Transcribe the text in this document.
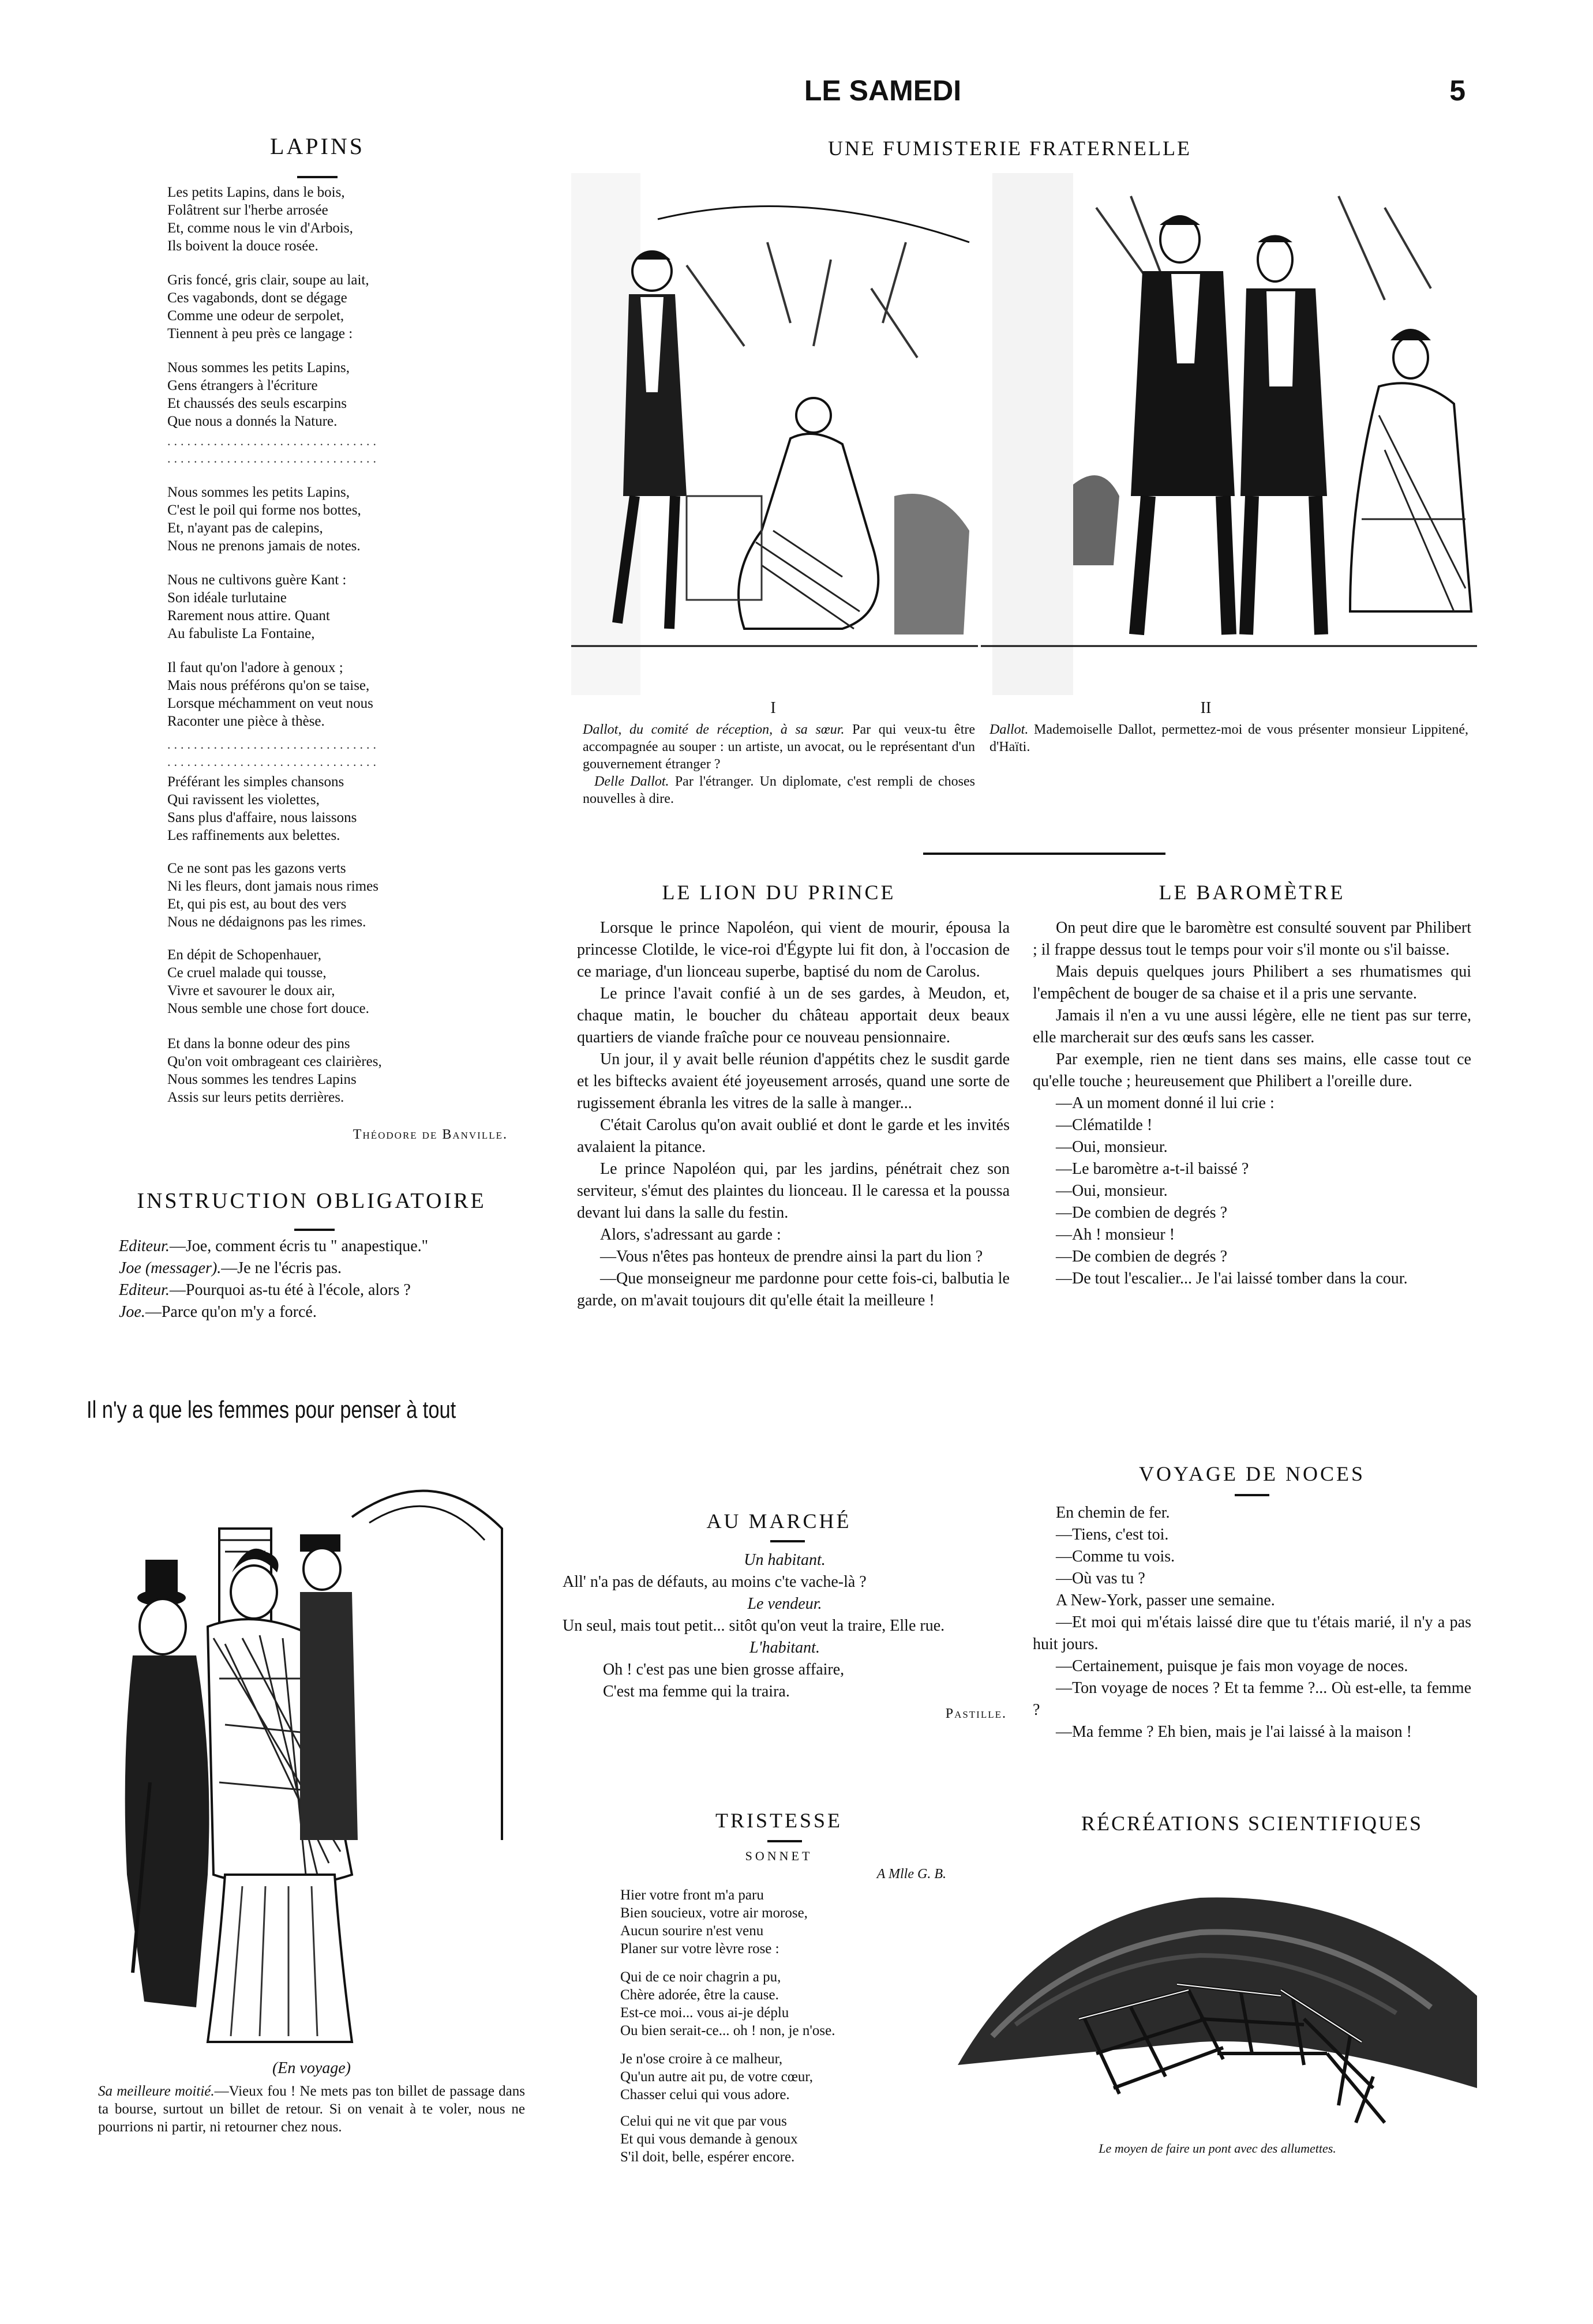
LE SAMEDI	5
LAPINS
Les petits Lapins, dans le bois,
Folâtrent sur l'herbe arrosée
Et, comme nous le vin d'Arbois,
Ils boivent la douce rosée.
Gris foncé, gris clair, soupe au lait,
Ces vagabonds, dont se dégage
Comme une odeur de serpolet,
Tiennent à peu près ce langage :
Nous sommes les petits Lapins,
Gens étrangers à l'écriture
Et chaussés des seuls escarpins
Que nous a donnés la Nature.
................................
................................
Nous sommes les petits Lapins,
C'est le poil qui forme nos bottes,
Et, n'ayant pas de calepins,
Nous ne prenons jamais de notes.
Nous ne cultivons guère Kant :
Son idéale turlutaine
Rarement nous attire. Quant
Au fabuliste La Fontaine,
Il faut qu'on l'adore à genoux ;
Mais nous préférons qu'on se taise,
Lorsque méchamment on veut nous
Raconter une pièce à thèse.
................................
................................
Préférant les simples chansons
Qui ravissent les violettes,
Sans plus d'affaire, nous laissons
Les raffinements aux belettes.
Ce ne sont pas les gazons verts
Ni les fleurs, dont jamais nous rimes
Et, qui pis est, au bout des vers
Nous ne dédaignons pas les rimes.
En dépit de Schopenhauer,
Ce cruel malade qui tousse,
Vivre et savourer le doux air,
Nous semble une chose fort douce.
Et dans la bonne odeur des pins
Qu'on voit ombrageant ces clairières,
Nous sommes les tendres Lapins
Assis sur leurs petits derrières.
Théodore de Banville.
INSTRUCTION OBLIGATOIRE
Editeur.—Joe, comment écris tu " anapestique."
Joe (messager).—Je ne l'écris pas.
Editeur.—Pourquoi as-tu été à l'école, alors ?
Joe.—Parce qu'on m'y a forcé.
Il n'y a que les femmes pour penser à tout
(En voyage)
Sa meilleure moitié.—Vieux fou ! Ne mets pas ton billet de passage dans ta bourse, surtout un billet de retour. Si on venait à te voler, nous ne pourrions ni partir, ni retourner chez nous.
UNE FUMISTERIE FRATERNELLE
I	II
Dallot, du comité de réception, à sa sœur. Par qui veux-tu être accompagnée au souper : un artiste, un avocat, ou le représentant d'un gouvernement étranger ?
Delle Dallot. Par l'étranger. Un diplomate, c'est rempli de choses nouvelles à dire.
Dallot. Mademoiselle Dallot, permettez-moi de vous présenter monsieur Lippitené, d'Haïti.
LE LION DU PRINCE
Lorsque le prince Napoléon, qui vient de mourir, épousa la princesse Clotilde, le vice-roi d'Égypte lui fit don, à l'occasion de ce mariage, d'un lionceau superbe, baptisé du nom de Carolus.
Le prince l'avait confié à un de ses gardes, à Meudon, et, chaque matin, le boucher du château apportait deux beaux quartiers de viande fraîche pour ce nouveau pensionnaire.
Un jour, il y avait belle réunion d'appétits chez le susdit garde et les biftecks avaient été joyeusement arrosés, quand une sorte de rugissement ébranla les vitres de la salle à manger...
C'était Carolus qu'on avait oublié et dont le garde et les invités avalaient la pitance.
Le prince Napoléon qui, par les jardins, pénétrait chez son serviteur, s'émut des plaintes du lionceau. Il le caressa et la poussa devant lui dans la salle du festin.
Alors, s'adressant au garde :
—Vous n'êtes pas honteux de prendre ainsi la part du lion ?
—Que monseigneur me pardonne pour cette fois-ci, balbutia le garde, on m'avait toujours dit qu'elle était la meilleure !
AU MARCHÉ
Un habitant.
All' n'a pas de défauts, au moins c'te vache-là ?
Le vendeur.
Un seul, mais tout petit... sitôt qu'on veut la traire, Elle rue.
L'habitant.
Oh ! c'est pas une bien grosse affaire,
C'est ma femme qui la traira.
Pastille.
TRISTESSE
SONNET
A Mlle G. B.
Hier votre front m'a paru
Bien soucieux, votre air morose,
Aucun sourire n'est venu
Planer sur votre lèvre rose :
Qui de ce noir chagrin a pu,
Chère adorée, être la cause.
Est-ce moi... vous ai-je déplu
Ou bien serait-ce... oh ! non, je n'ose.
Je n'ose croire à ce malheur,
Qu'un autre ait pu, de votre cœur,
Chasser celui qui vous adore.
Celui qui ne vit que par vous
Et qui vous demande à genoux
S'il doit, belle, espérer encore.
LE BAROMÈTRE
On peut dire que le baromètre est consulté souvent par Philibert ; il frappe dessus tout le temps pour voir s'il monte ou s'il baisse.
Mais depuis quelques jours Philibert a ses rhumatismes qui l'empêchent de bouger de sa chaise et il a pris une servante.
Jamais il n'en a vu une aussi légère, elle ne tient pas sur terre, elle marcherait sur des œufs sans les casser.
Par exemple, rien ne tient dans ses mains, elle casse tout ce qu'elle touche ; heureusement que Philibert a l'oreille dure.
—A un moment donné il lui crie :
—Clématilde !
—Oui, monsieur.
—Le baromètre a-t-il baissé ?
—Oui, monsieur.
—De combien de degrés ?
—Ah ! monsieur !
—De combien de degrés ?
—De tout l'escalier... Je l'ai laissé tomber dans la cour.
VOYAGE DE NOCES
En chemin de fer.
—Tiens, c'est toi.
—Comme tu vois.
—Où vas tu ?
A New-York, passer une semaine.
—Et moi qui m'étais laissé dire que tu t'étais marié, il n'y a pas huit jours.
—Certainement, puisque je fais mon voyage de noces.
—Ton voyage de noces ? Et ta femme ?... Où est-elle, ta femme ?
—Ma femme ? Eh bien, mais je l'ai laissé à la maison !
RÉCRÉATIONS SCIENTIFIQUES
Le moyen de faire un pont avec des allumettes.
